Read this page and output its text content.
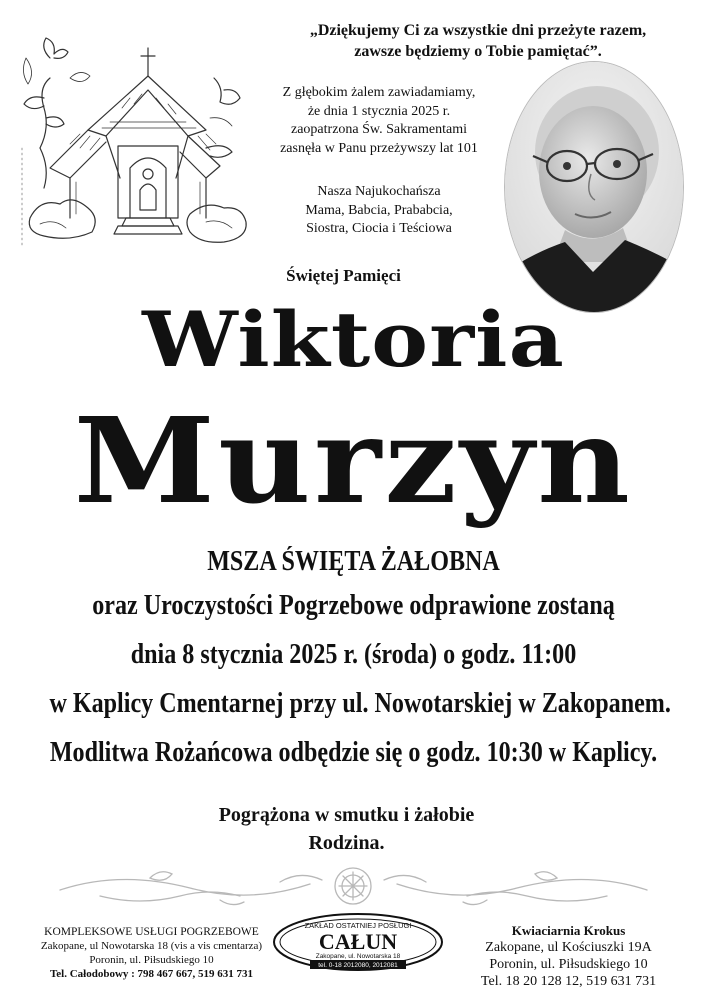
„Dziękujemy Ci za wszystkie dni przeżyte razem,
zawsze będziemy o Tobie pamiętać”.
Z głębokim żalem zawiadamiamy,
że dnia 1 stycznia 2025 r.
zaopatrzona Św. Sakramentami
zasnęła w Panu przeżywszy lat 101
Nasza Najukochańsza
Mama, Babcia, Prababcia,
Siostra, Ciocia i Teściowa
Świętej Pamięci
Wiktoria
Murzyn
MSZA ŚWIĘTA ŻAŁOBNA
oraz Uroczystości Pogrzebowe odprawione zostaną
dnia 8 stycznia 2025 r. (środa) o godz. 11:00
w Kaplicy Cmentarnej przy ul. Nowotarskiej w Zakopanem.
Modlitwa Rożańcowa odbędzie się o godz. 10:30 w Kaplicy.
Pogrążona w smutku i żałobie
Rodzina.
KOMPLEKSOWE USŁUGI POGRZEBOWE
Zakopane, ul Nowotarska 18 (vis a vis cmentarza)
Poronin, ul. Piłsudskiego 10
Tel. Całodobowy : 798 467 667, 519 631 731
ZAKŁAD OSTATNIEJ POSŁUGI
CAŁUN
Zakopane, ul. Nowotarska 18
tel. 0-18 2012080, 2012081
Kwiaciarnia Krokus
Zakopane, ul Kościuszki 19A
Poronin, ul. Piłsudskiego 10
Tel. 18 20 128 12, 519 631 731
